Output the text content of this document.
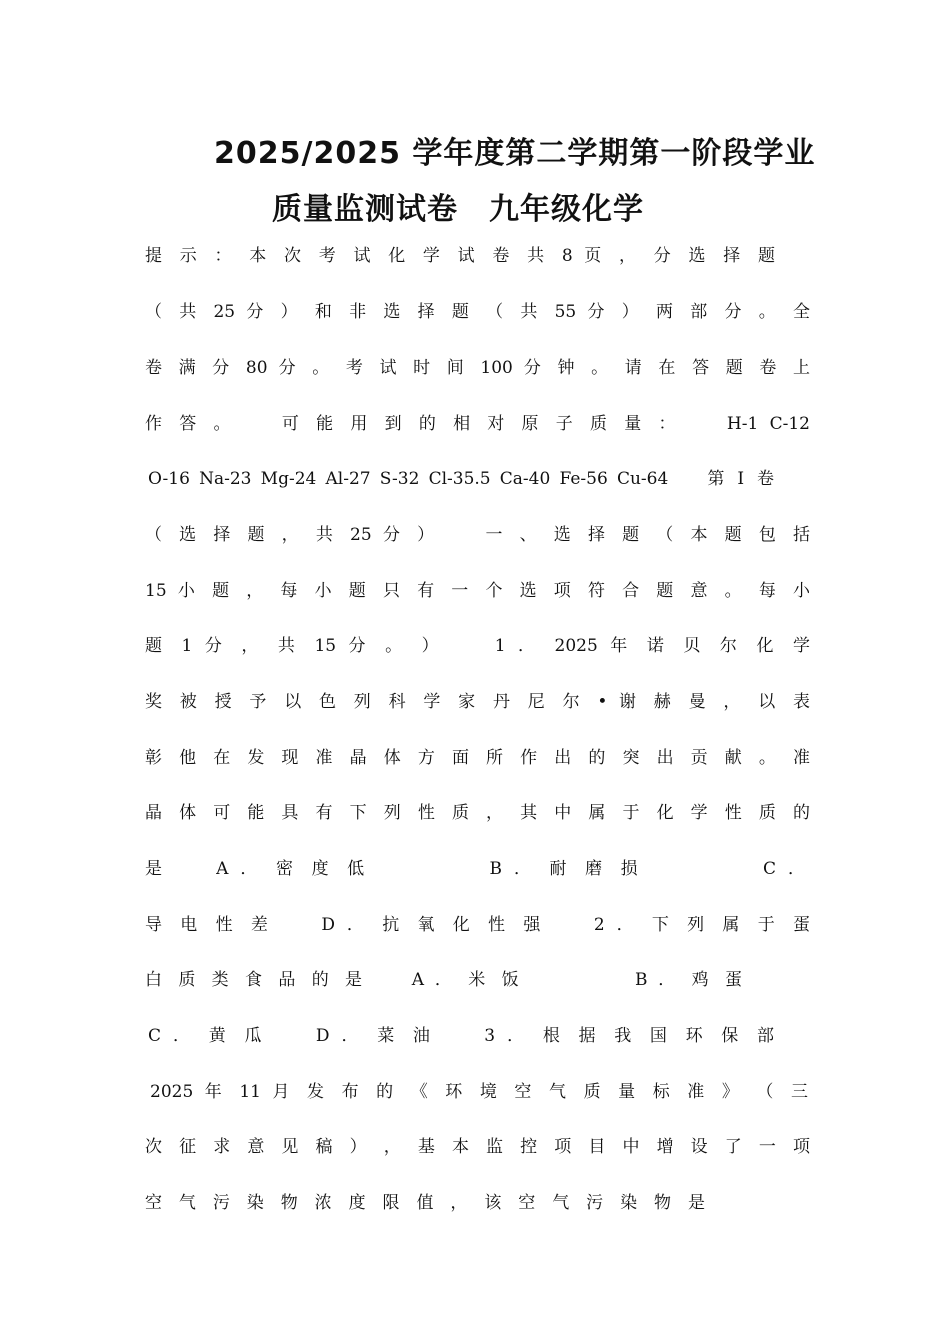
2025/2025 学年度第二学期第一阶段学业
质量监测试卷　九年级化学
提 示 ： 本 次 考 试 化 学 试 卷 共 8 页 ， 分 选 择 题
（ 共 25 分 ） 和 非 选 择 题 （ 共 55 分 ） 两 部 分 。 全
卷 满 分 80 分 。 考 试 时 间 100 分 钟 。 请 在 答 题 卷 上
作 答 。 　 可 能 用 到 的 相 对 原 子 质 量 ： 　 H-1 C-12
O-16 Na-23 Mg-24 Al-27 S-32 Cl-35.5 Ca-40 Fe-56 Cu-64 　 第 Ⅰ 卷
（ 选 择 题 ， 共 25 分 ） 　 一 、 选 择 题 （ 本 题 包 括
15 小 题 ， 每 小 题 只 有 一 个 选 项 符 合 题 意 。 每 小
题 1 分 ， 共 15 分 。 ） 　 1 ． 2025 年 诺 贝 尔 化 学
奖 被 授 予 以 色 列 科 学 家 丹 尼 尔 • 谢 赫 曼 ， 以 表
彰 他 在 发 现 准 晶 体 方 面 所 作 出 的 突 出 贡 献 。 准
晶 体 可 能 具 有 下 列 性 质 ， 其 中 属 于 化 学 性 质 的
是 　 A ． 密 度 低 　 　 　 B ． 耐 磨 损 　 　 　 C ．
导 电 性 差 　 D ． 抗 氧 化 性 强 　 2 ． 下 列 属 于 蛋
白 质 类 食 品 的 是 　 A ． 米 饭 　 　 　 B ． 鸡 蛋
C ． 黄 瓜 　 D ． 菜 油 　 3 ． 根 据 我 国 环 保 部
2025 年 11 月 发 布 的 《 环 境 空 气 质 量 标 准 》 （ 三
次 征 求 意 见 稿 ） ， 基 本 监 控 项 目 中 增 设 了 一 项
空 气 污 染 物 浓 度 限 值 ， 该 空 气 污 染 物 是
